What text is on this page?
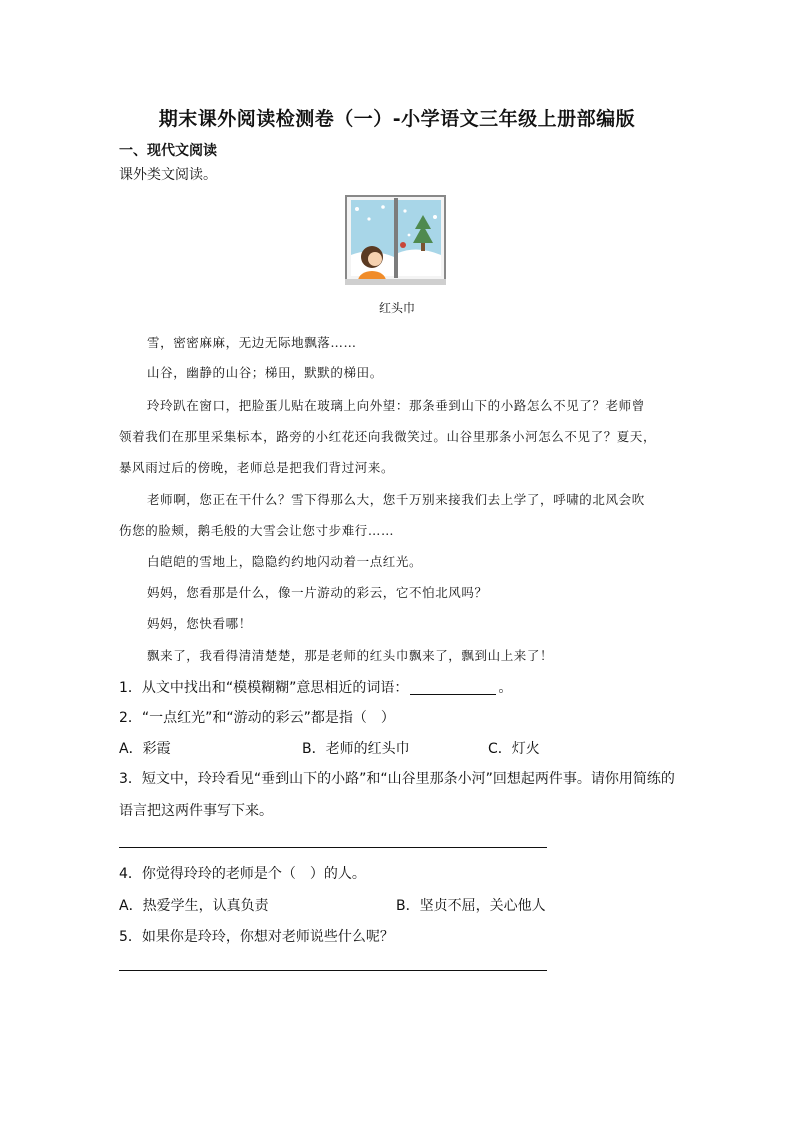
期末课外阅读检测卷（一）-小学语文三年级上册部编版
一、现代文阅读
课外类文阅读。
红头巾
雪，密密麻麻，无边无际地飘落……
山谷，幽静的山谷；梯田，默默的梯田。
玲玲趴在窗口，把脸蛋儿贴在玻璃上向外望：那条垂到山下的小路怎么不见了？老师曾
领着我们在那里采集标本，路旁的小红花还向我微笑过。山谷里那条小河怎么不见了？夏天，
暴风雨过后的傍晚，老师总是把我们背过河来。
老师啊，您正在干什么？雪下得那么大，您千万别来接我们去上学了，呼啸的北风会吹
伤您的脸颊，鹅毛般的大雪会让您寸步难行……
白皑皑的雪地上，隐隐约约地闪动着一点红光。
妈妈，您看那是什么，像一片游动的彩云，它不怕北风吗？
妈妈，您快看哪！
飘来了，我看得清清楚楚，那是老师的红头巾飘来了，飘到山上来了！
1．从文中找出和“模模糊糊”意思相近的词语：	。
2．“一点红光”和“游动的彩云”都是指（　）
A．彩霞	B．老师的红头巾	C．灯火
3．短文中，玲玲看见“垂到山下的小路”和“山谷里那条小河”回想起两件事。请你用简练的
语言把这两件事写下来。
4．你觉得玲玲的老师是个（　）的人。
A．热爱学生，认真负责	B．坚贞不屈，关心他人
5．如果你是玲玲，你想对老师说些什么呢？
